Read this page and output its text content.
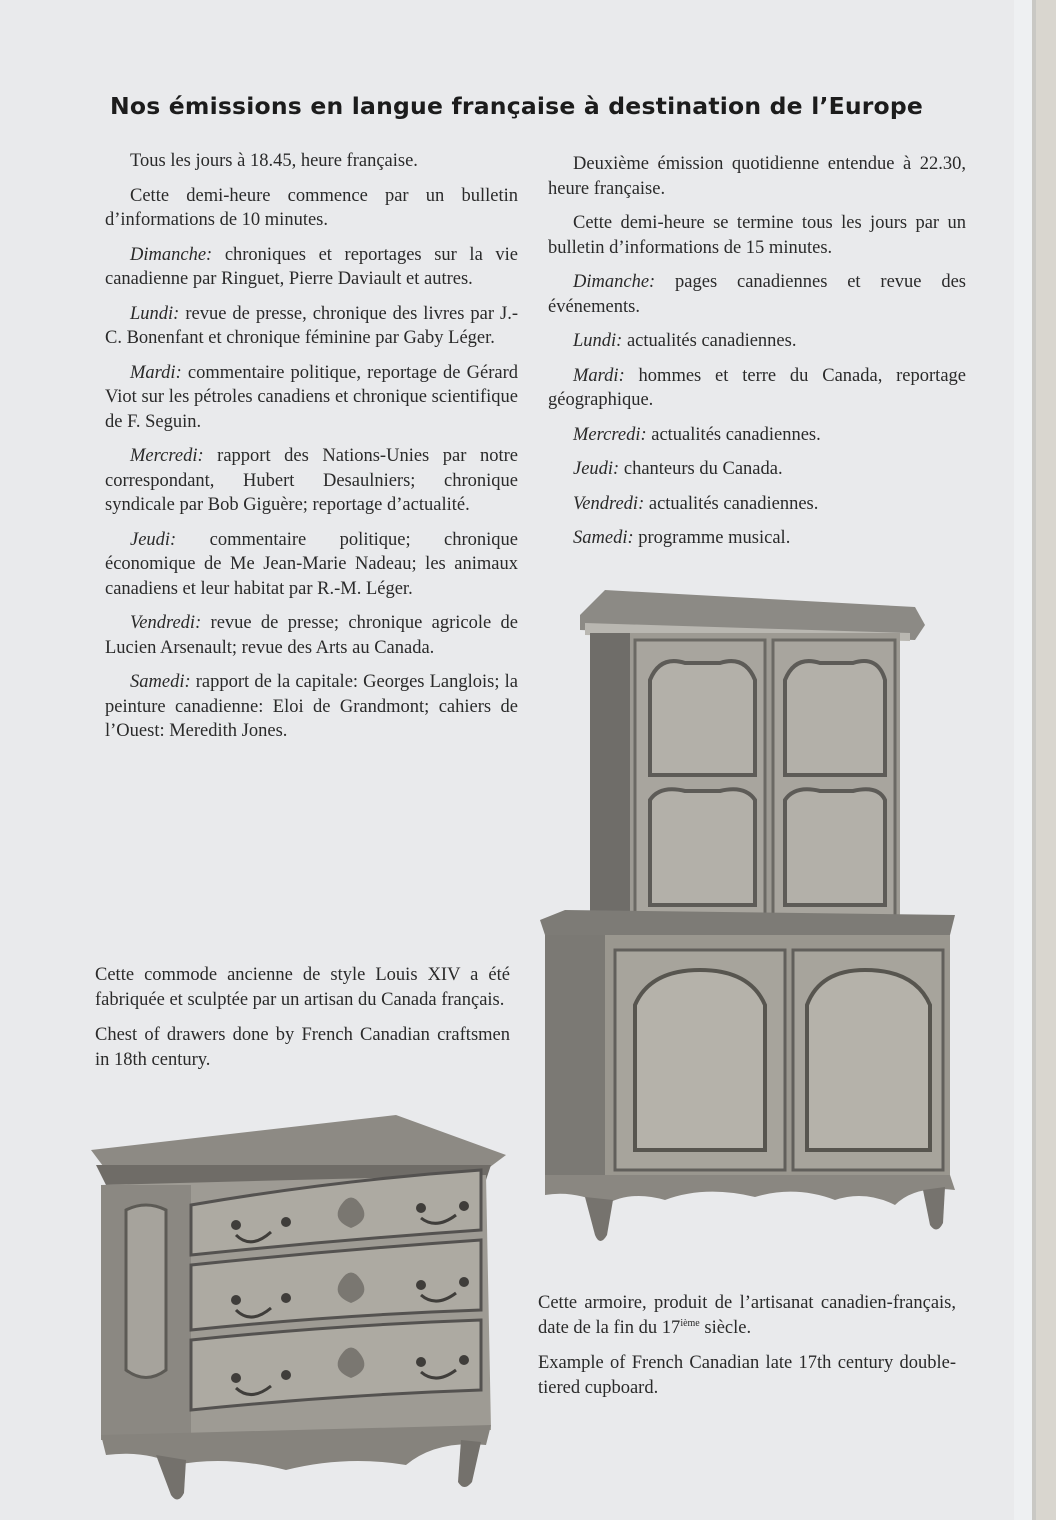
Nos émissions en langue française à destination de l’Europe

Tous les jours à 18.45, heure française.

Cette demi-heure commence par un bulletin d’informations de 10 minutes.

Dimanche: chroniques et reportages sur la vie canadienne par Ringuet, Pierre Daviault et autres.

Lundi: revue de presse, chronique des livres par J.-C. Bonenfant et chronique féminine par Gaby Léger.

Mardi: commentaire politique, reportage de Gérard Viot sur les pétroles canadiens et chronique scientifique de F. Seguin.

Mercredi: rapport des Nations-Unies par notre correspondant, Hubert Desaulniers; chronique syndicale par Bob Giguère; reportage d’actualité.

Jeudi: commentaire politique; chronique économique de Me Jean-Marie Nadeau; les animaux canadiens et leur habitat par R.-M. Léger.

Vendredi: revue de presse; chronique agricole de Lucien Arsenault; revue des Arts au Canada.

Samedi: rapport de la capitale: Georges Langlois; la peinture canadienne: Eloi de Grandmont; cahiers de l’Ouest: Meredith Jones.

Deuxième émission quotidienne entendue à 22.30, heure française.

Cette demi-heure se termine tous les jours par un bulletin d’informations de 15 minutes.

Dimanche: pages canadiennes et revue des événements.

Lundi: actualités canadiennes.

Mardi: hommes et terre du Canada, reportage géographique.

Mercredi: actualités canadiennes.

Jeudi: chanteurs du Canada.

Vendredi: actualités canadiennes.

Samedi: programme musical.

Cette commode ancienne de style Louis XIV a été fabriquée et sculptée par un artisan du Canada français.

Chest of drawers done by French Canadian craftsmen in 18th century.

Cette armoire, produit de l’artisanat canadien-français, date de la fin du 17ième siècle.

Example of French Canadian late 17th century double-tiered cupboard.
